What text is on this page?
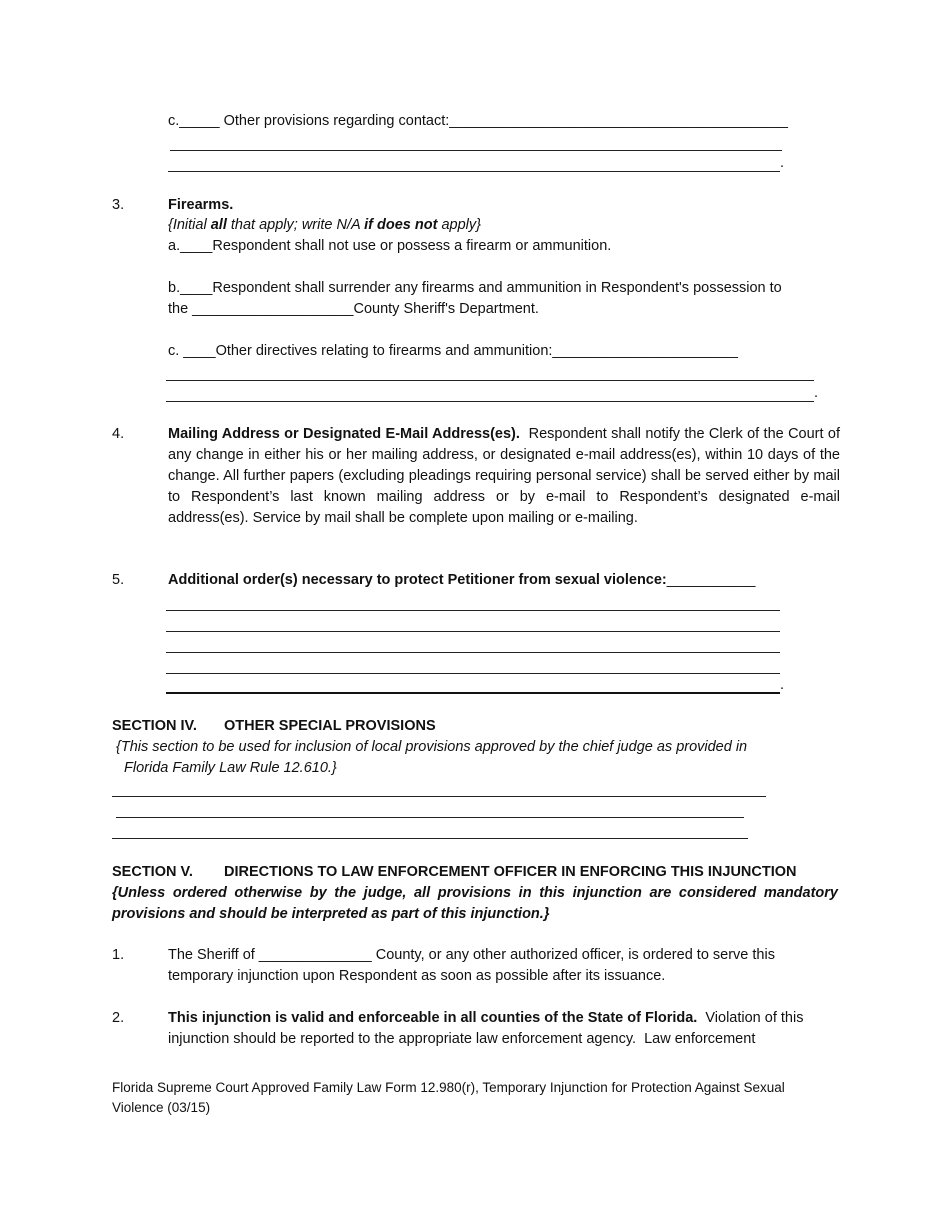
c._____ Other provisions regarding contact:__________________________________________
.
3.	Firearms.
{Initial all that apply; write N/A if does not apply}
a.____Respondent shall not use or possess a firearm or ammunition.
b.____Respondent shall surrender any firearms and ammunition in Respondent's possession to
the ____________________County Sheriff's Department.
c. ____Other directives relating to firearms and ammunition:_______________________
.
4.	Mailing Address or Designated E-Mail Address(es). Respondent shall notify the Clerk of the Court of any change in either his or her mailing address, or designated e-mail address(es), within 10 days of the change. All further papers (excluding pleadings requiring personal service) shall be served either by mail to Respondent’s last known mailing address or by e-mail to Respondent’s designated e-mail address(es). Service by mail shall be complete upon mailing or e-mailing.
5.	Additional order(s) necessary to protect Petitioner from sexual violence:___________
.
SECTION IV. OTHER SPECIAL PROVISIONS
{This section to be used for inclusion of local provisions approved by the chief judge as provided in
Florida Family Law Rule 12.610.}
SECTION V. DIRECTIONS TO LAW ENFORCEMENT OFFICER IN ENFORCING THIS INJUNCTION
{Unless ordered otherwise by the judge, all provisions in this injunction are considered mandatory provisions and should be interpreted as part of this injunction.}
1.	The Sheriff of ______________ County, or any other authorized officer, is ordered to serve this
temporary injunction upon Respondent as soon as possible after its issuance.
2.	This injunction is valid and enforceable in all counties of the State of Florida.  Violation of this
injunction should be reported to the appropriate law enforcement agency.  Law enforcement
Florida Supreme Court Approved Family Law Form 12.980(r), Temporary Injunction for Protection Against Sexual
Violence (03/15)
